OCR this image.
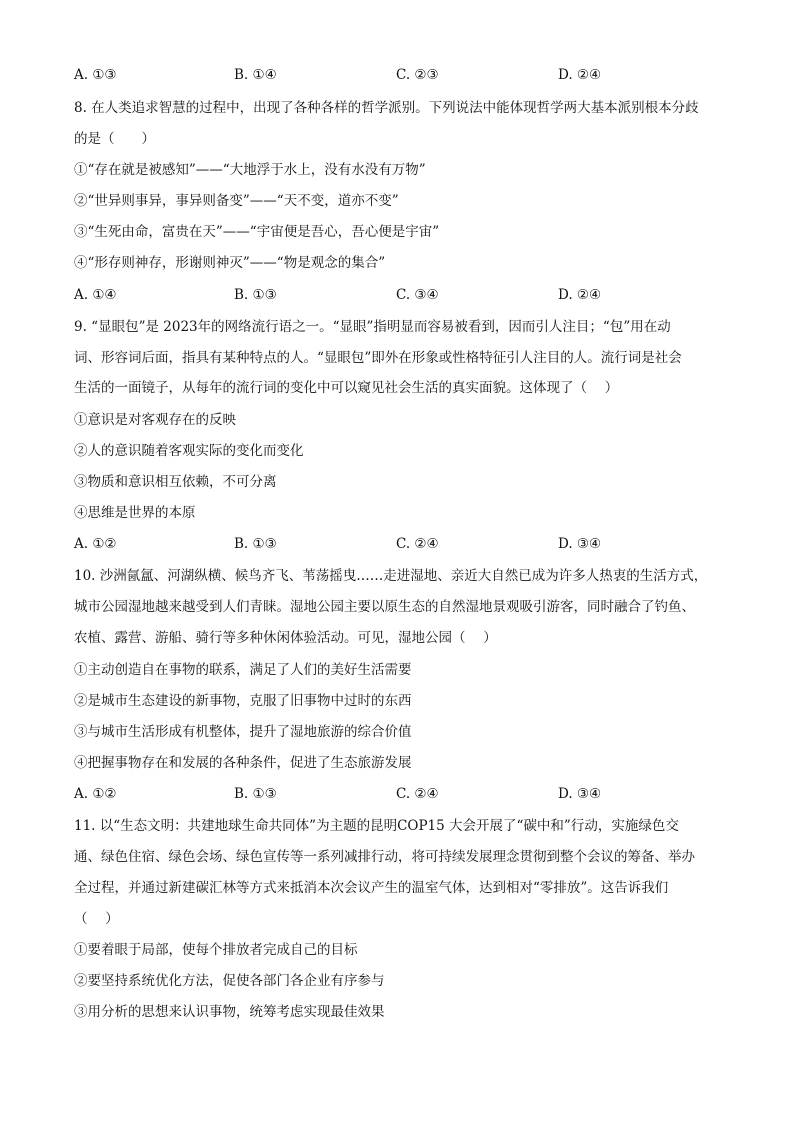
A. ①③	B. ①④	C. ②③	D. ②④
8. 在人类追求智慧的过程中，出现了各种各样的哲学派别。下列说法中能体现哲学两大基本派别根本分歧
的是（　　）
①“存在就是被感知”——“大地浮于水上，没有水没有万物”
②“世异则事异，事异则备变”——“天不变，道亦不变”
③“生死由命，富贵在天”——“宇宙便是吾心，吾心便是宇宙”
④“形存则神存，形谢则神灭”——“物是观念的集合”
A. ①④	B. ①③	C. ③④	D. ②④
9. “显眼包”是 2023年的网络流行语之一。“显眼”指明显而容易被看到，因而引人注目；“包”用在动
词、形容词后面，指具有某种特点的人。“显眼包”即外在形象或性格特征引人注目的人。流行词是社会
生活的一面镜子，从每年的流行词的变化中可以窥见社会生活的真实面貌。这体现了（　 ）
①意识是对客观存在的反映
②人的意识随着客观实际的变化而变化
③物质和意识相互依赖，不可分离
④思维是世界的本原
A. ①②	B. ①③	C. ②④	D. ③④
10. 沙洲氤氲、河湖纵横、候鸟齐飞、苇荡摇曳……走进湿地、亲近大自然已成为许多人热衷的生活方式，
城市公园湿地越来越受到人们青睐。湿地公园主要以原生态的自然湿地景观吸引游客，同时融合了钓鱼、
农植、露营、游船、骑行等多种休闲体验活动。可见，湿地公园（　 ）
①主动创造自在事物的联系，满足了人们的美好生活需要
②是城市生态建设的新事物，克服了旧事物中过时的东西
③与城市生活形成有机整体，提升了湿地旅游的综合价值
④把握事物存在和发展的各种条件，促进了生态旅游发展
A. ①②	B. ①③	C. ②④	D. ③④
11. 以“生态文明：共建地球生命共同体”为主题的昆明COP15 大会开展了“碳中和”行动，实施绿色交
通、绿色住宿、绿色会场、绿色宣传等一系列减排行动，将可持续发展理念贯彻到整个会议的筹备、举办
全过程，并通过新建碳汇林等方式来抵消本次会议产生的温室气体，达到相对“零排放”。这告诉我们
（　 ）
①要着眼于局部，使每个排放者完成自己的目标
②要坚持系统优化方法，促使各部门各企业有序参与
③用分析的思想来认识事物，统筹考虑实现最佳效果
